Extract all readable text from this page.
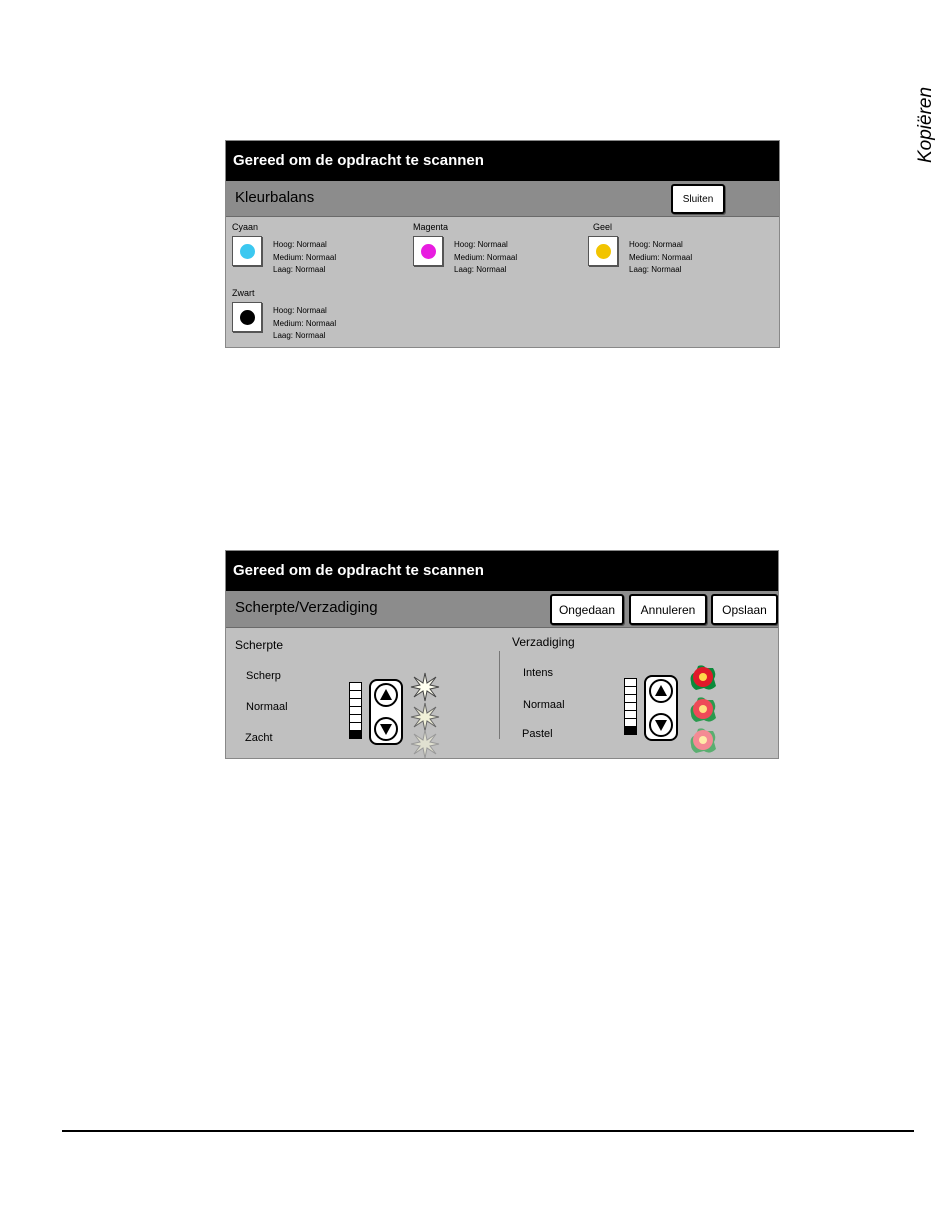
Kopiëren
Gereed om de opdracht te scannen
Kleurbalans	Sluiten
Cyaan
Hoog: Normaal
Medium: Normaal
Laag: Normaal
Magenta
Hoog: Normaal
Medium: Normaal
Laag: Normaal
Geel
Hoog: Normaal
Medium: Normaal
Laag: Normaal
Zwart
Hoog: Normaal
Medium: Normaal
Laag: Normaal
Gereed om de opdracht te scannen
Scherpte/Verzadiging	Ongedaan	Annuleren	Opslaan
Scherpte
Scherp
Normaal
Zacht
Verzadiging
Intens
Normaal
Pastel
